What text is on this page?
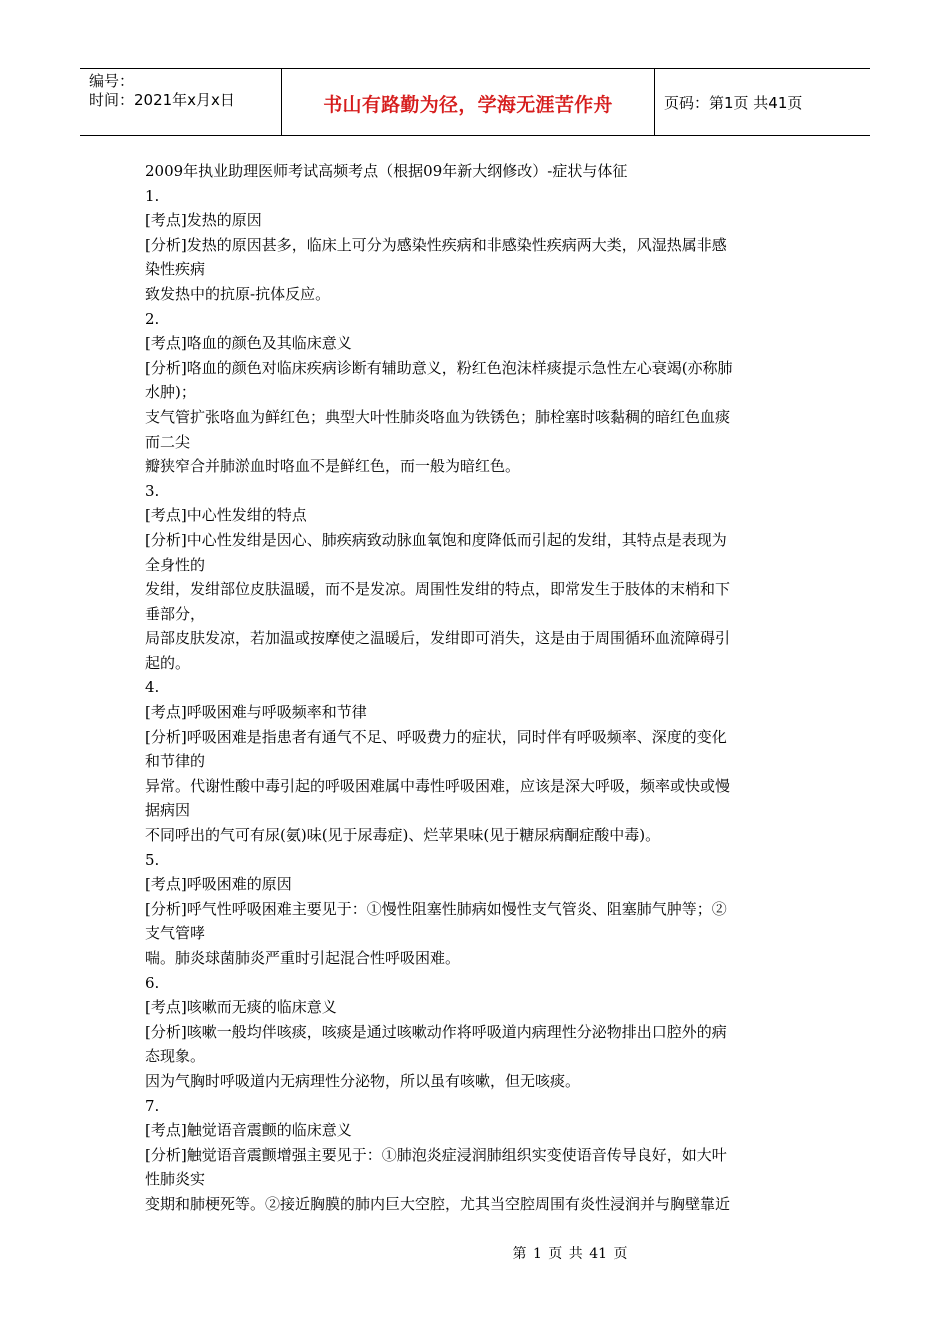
编号：
时间：2021年x月x日	书山有路勤为径，学海无涯苦作舟	页码：第1页 共41页

2009年执业助理医师考试高频考点（根据09年新大纲修改）-症状与体征

1.

[考点]发热的原因

[分析]发热的原因甚多，临床上可分为感染性疾病和非感染性疾病两大类，风湿热属非感

染性疾病

致发热中的抗原-抗体反应。

2.

[考点]咯血的颜色及其临床意义

[分析]咯血的颜色对临床疾病诊断有辅助意义，粉红色泡沫样痰提示急性左心衰竭(亦称肺

水肿)；

支气管扩张咯血为鲜红色；典型大叶性肺炎咯血为铁锈色；肺栓塞时咳黏稠的暗红色血痰

而二尖

瓣狭窄合并肺淤血时咯血不是鲜红色，而一般为暗红色。

3.

[考点]中心性发绀的特点

[分析]中心性发绀是因心、肺疾病致动脉血氧饱和度降低而引起的发绀，其特点是表现为

全身性的

发绀，发绀部位皮肤温暖，而不是发凉。周围性发绀的特点，即常发生于肢体的末梢和下

垂部分，

局部皮肤发凉，若加温或按摩使之温暖后，发绀即可消失，这是由于周围循环血流障碍引

起的。

4.

[考点]呼吸困难与呼吸频率和节律

[分析]呼吸困难是指患者有通气不足、呼吸费力的症状，同时伴有呼吸频率、深度的变化

和节律的

异常。代谢性酸中毒引起的呼吸困难属中毒性呼吸困难，应该是深大呼吸，频率或快或慢

据病因

不同呼出的气可有尿(氨)味(见于尿毒症)、烂苹果味(见于糖尿病酮症酸中毒)。

5.

[考点]呼吸困难的原因

[分析]呼气性呼吸困难主要见于：①慢性阻塞性肺病如慢性支气管炎、阻塞肺气肿等；②

支气管哮

喘。肺炎球菌肺炎严重时引起混合性呼吸困难。

6.

[考点]咳嗽而无痰的临床意义

[分析]咳嗽一般均伴咳痰，咳痰是通过咳嗽动作将呼吸道内病理性分泌物排出口腔外的病

态现象。

因为气胸时呼吸道内无病理性分泌物，所以虽有咳嗽，但无咳痰。

7.

[考点]触觉语音震颤的临床意义

[分析]触觉语音震颤增强主要见于：①肺泡炎症浸润肺组织实变使语音传导良好，如大叶

性肺炎实

变期和肺梗死等。②接近胸膜的肺内巨大空腔，尤其当空腔周围有炎性浸润并与胸壁靠近

第 1 页 共 41 页
